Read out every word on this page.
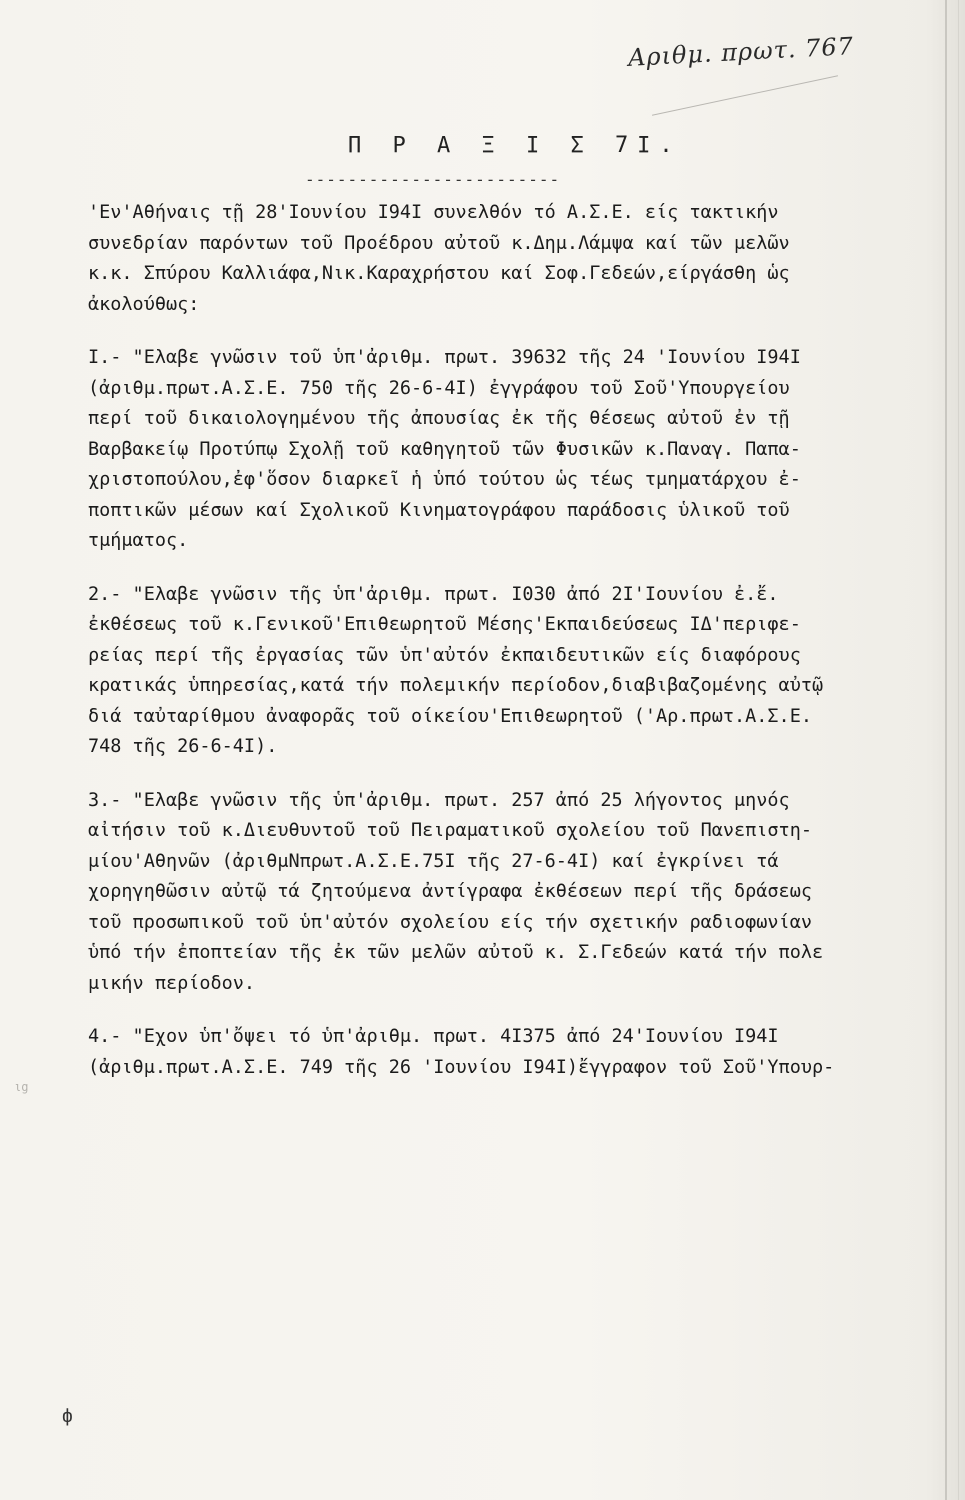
Αριθμ. πρωτ. 767
Π Ρ Α Ξ Ι Σ 7Ι.
------------------------
'Εν'Αθήναις τῇ 28'Ιουνίου Ι94Ι συνελθόν τό Α.Σ.Ε. είς τακτικήν
συνεδρίαν παρόντων τοῦ Προέδρου αὐτοῦ κ.Δημ.Λάμψα καί τῶν μελῶν
κ.κ. Σπύρου Καλλιάφα,Νικ.Καραχρήστου καί Σοφ.Γεδεών,είργάσθη ὡς
ἀκολούθως:
Ι.- "Ελαβε γνῶσιν τοῦ ὑπ'ἀριθμ. πρωτ. 39632 τῆς 24 'Ιουνίου Ι94Ι
(ἀριθμ.πρωτ.Α.Σ.Ε. 750 τῆς 26-6-4Ι) ἐγγράφου τοῦ Σοῦ'Υπουργείου
περί τοῦ δικαιολογημένου τῆς ἀπουσίας ἐκ τῆς θέσεως αὐτοῦ ἐν τῇ
Βαρβακείῳ Προτύπῳ Σχολῇ τοῦ καθηγητοῦ τῶν Φυσικῶν κ.Παναγ. Παπα-
χριστοπούλου,ἐφ'ὅσον διαρκεῖ ἡ ὑπό τούτου ὡς τέως τμηματάρχου ἐ-
ποπτικῶν μέσων καί Σχολικοῦ Κινηματογράφου παράδοσις ὑλικοῦ τοῦ
τμήματος.
2.- "Ελαβε γνῶσιν τῆς ὑπ'ἀριθμ. πρωτ. Ι030 ἀπό 2Ι'Ιουνίου ἐ.ἔ.
ἐκθέσεως τοῦ κ.Γενικοῦ'Επιθεωρητοῦ Μέσης'Εκπαιδεύσεως ΙΔ'περιφε-
ρείας περί τῆς ἐργασίας τῶν ὑπ'αὐτόν ἐκπαιδευτικῶν είς διαφόρους
κρατικάς ὑπηρεσίας,κατά τήν πολεμικήν περίοδον,διαβιβαζομένης αὐτῷ
διά ταὐταρίθμου ἀναφορᾶς τοῦ οίκείου'Επιθεωρητοῦ ('Αρ.πρωτ.Α.Σ.Ε.
748 τῆς 26-6-4Ι).
3.- "Ελαβε γνῶσιν τῆς ὑπ'ἀριθμ. πρωτ. 257 ἀπό 25 λήγοντος μηνός
αἰτήσιν τοῦ κ.Διευθυντοῦ τοῦ Πειραματικοῦ σχολείου τοῦ Πανεπιστη-
μίου'Αθηνῶν (ἀριθμΝπρωτ.Α.Σ.Ε.75Ι τῆς 27-6-4Ι) καί ἐγκρίνει τά
χορηγηθῶσιν αὐτῷ τά ζητούμενα ἀντίγραφα ἐκθέσεων περί τῆς δράσεως
τοῦ προσωπικοῦ τοῦ ὑπ'αὐτόν σχολείου είς τήν σχετικήν ραδιοφωνίαν
ὑπό τήν ἐποπτείαν τῆς ἐκ τῶν μελῶν αὐτοῦ κ. Σ.Γεδεών κατά τήν πολε
μικήν περίοδον.
4.- "Εχον ὑπ'ὄψει τό ὑπ'ἀριθμ. πρωτ. 4Ι375 ἀπό 24'Ιουνίου Ι94Ι
(ἀριθμ.πρωτ.Α.Σ.Ε. 749 τῆς 26 'Ιουνίου Ι94Ι)ἔγγραφον τοῦ Σοῦ'Υπουρ-
ιg
ф
